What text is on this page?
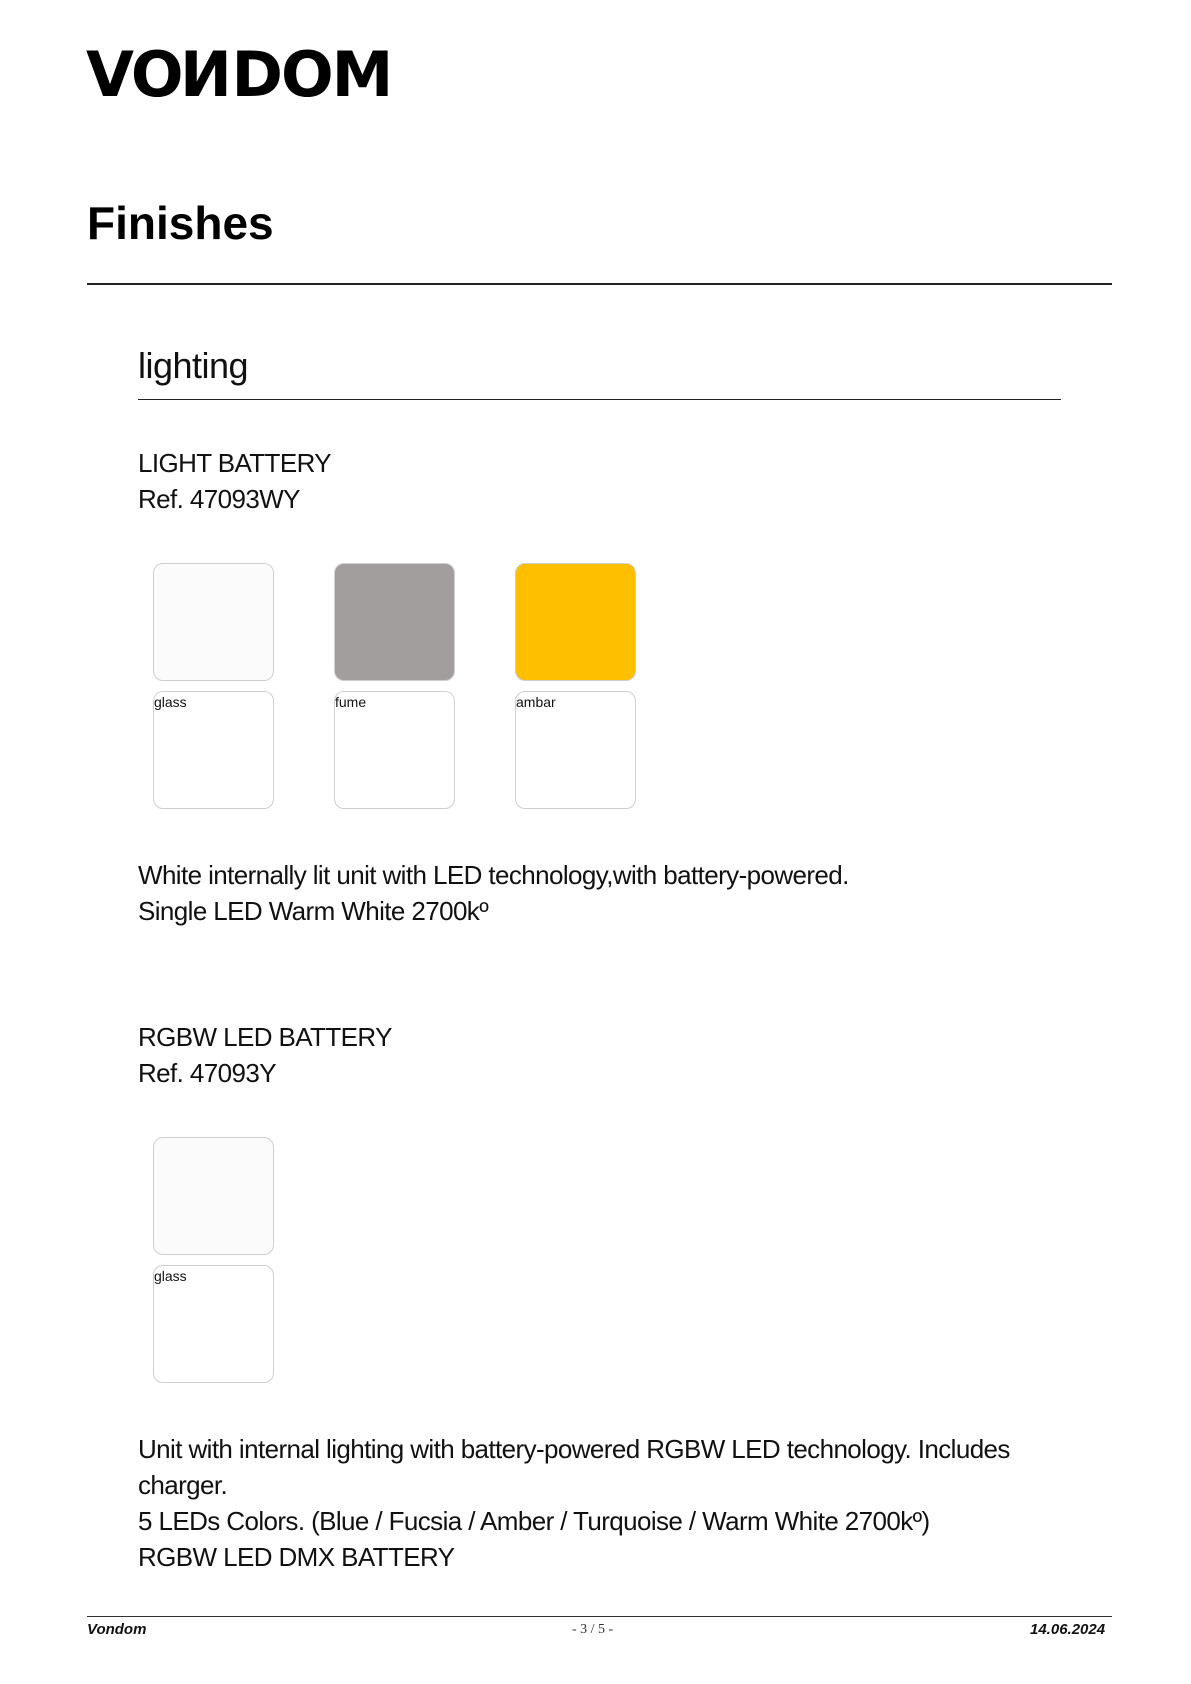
VONDOM
Finishes
lighting
LIGHT BATTERY
Ref. 47093WY
glass	fume	ambar
White internally lit unit with LED technology,with battery-powered.
Single LED Warm White 2700kº
RGBW LED BATTERY
Ref. 47093Y
glass
Unit with internal lighting with battery-powered RGBW LED technology. Includes
charger.
5 LEDs Colors. (Blue / Fucsia / Amber / Turquoise / Warm White 2700kº)
RGBW LED DMX BATTERY
Vondom	- 3 / 5 -	14.06.2024
